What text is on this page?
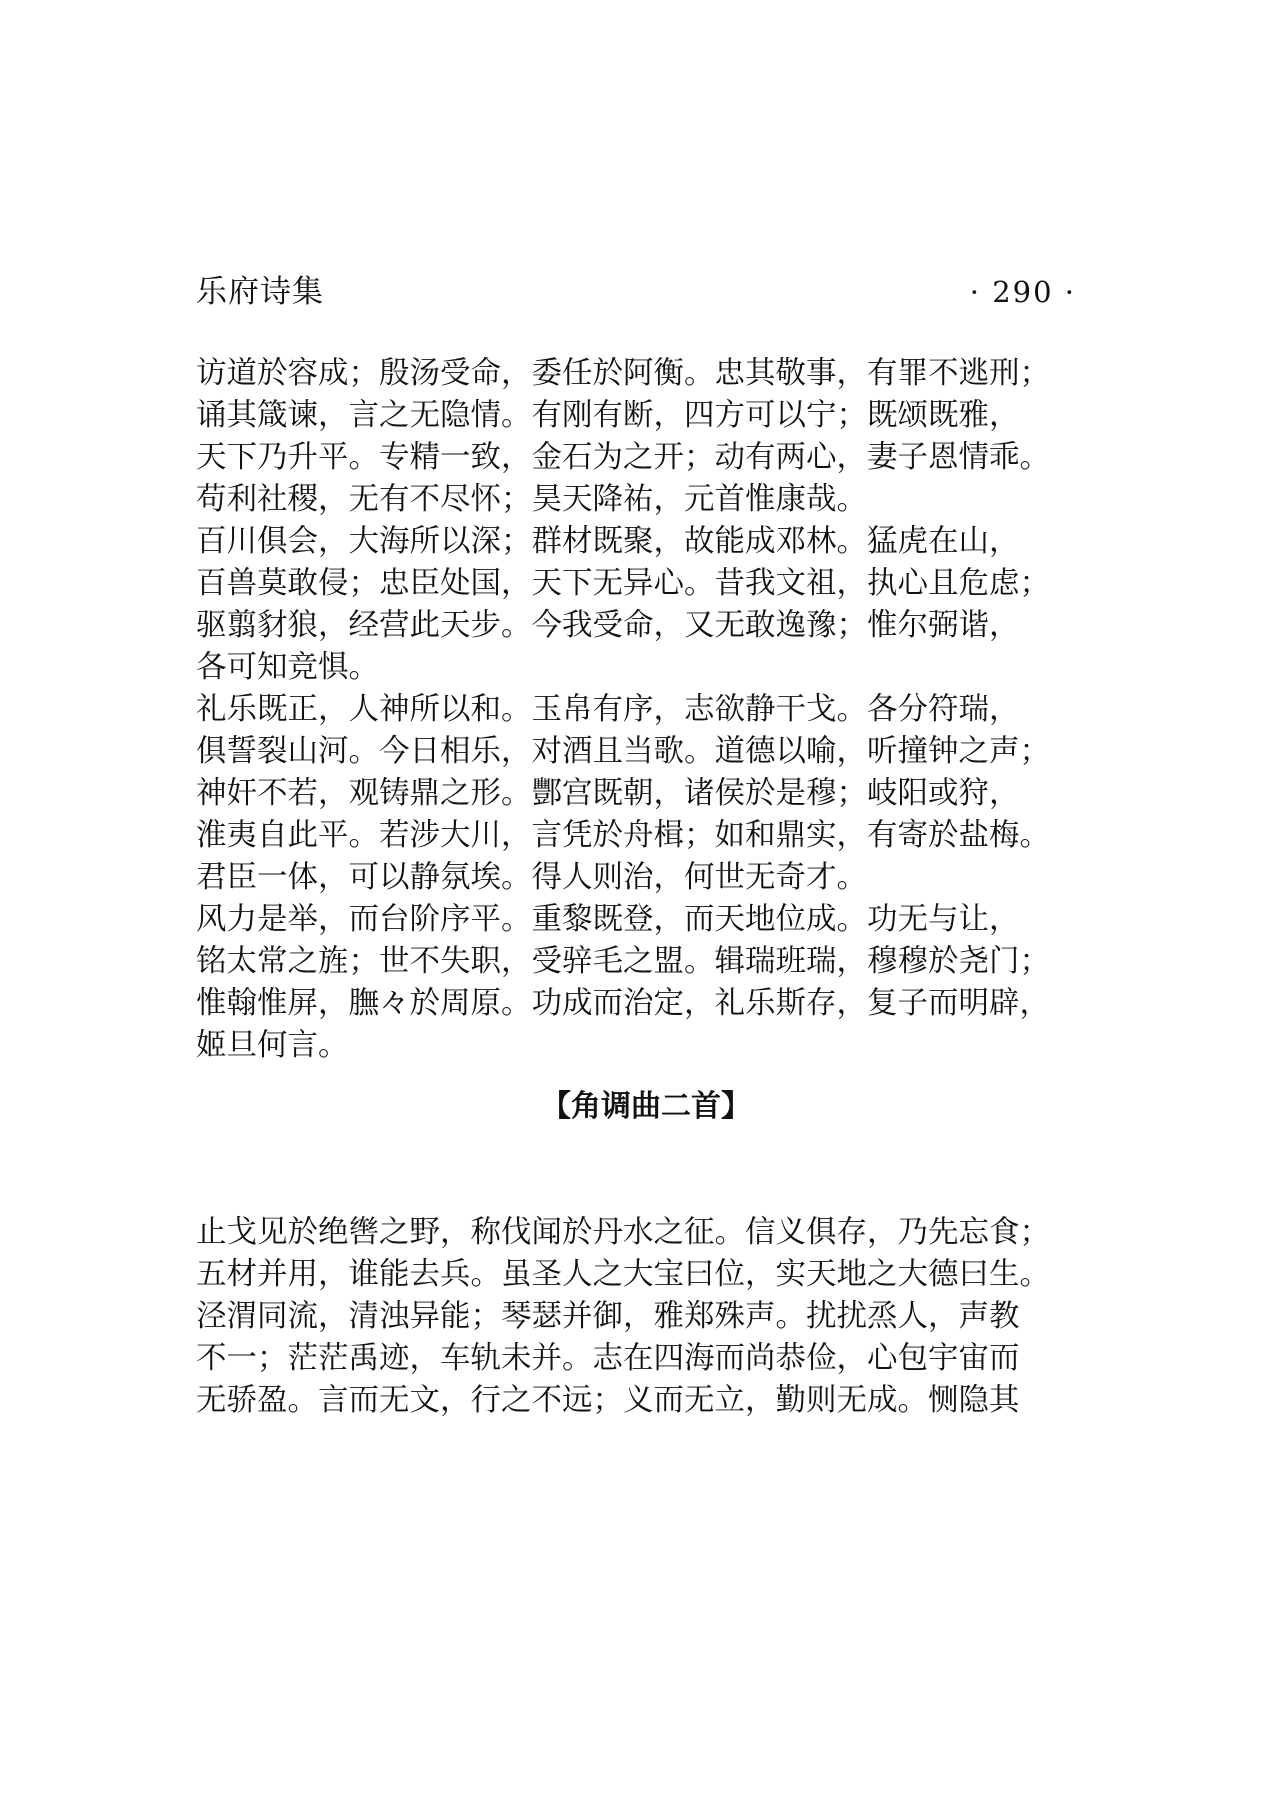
乐府诗集	· 290 ·
访道於容成；殷汤受命，委任於阿衡。忠其敬事，有罪不逃刑；
诵其箴谏，言之无隐情。有刚有断，四方可以宁；既颂既雅，
天下乃升平。专精一致，金石为之开；动有两心，妻子恩情乖。
苟利社稷，无有不尽怀；昊天降祐，元首惟康哉。
百川俱会，大海所以深；群材既聚，故能成邓林。猛虎在山，
百兽莫敢侵；忠臣处国，天下无异心。昔我文祖，执心且危虑；
驱翦豺狼，经营此天步。今我受命，又无敢逸豫；惟尔弼谐，
各可知竞惧。
礼乐既正，人神所以和。玉帛有序，志欲静干戈。各分符瑞，
俱誓裂山河。今日相乐，对酒且当歌。道德以喻，听撞钟之声；
神奸不若，观铸鼎之形。酆宫既朝，诸侯於是穆；岐阳或狩，
淮夷自此平。若涉大川，言凭於舟楫；如和鼎实，有寄於盐梅。
君臣一体，可以静氛埃。得人则治，何世无奇才。
风力是举，而台阶序平。重黎既登，而天地位成。功无与让，
铭太常之旌；世不失职，受骍毛之盟。辑瑞班瑞，穆穆於尧门；
惟翰惟屏，膴々於周原。功成而治定，礼乐斯存，复子而明辟，
姬旦何言。
【角调曲二首】
止戈见於绝辔之野，称伐闻於丹水之征。信义俱存，乃先忘食；
五材并用，谁能去兵。虽圣人之大宝曰位，实天地之大德曰生。
泾渭同流，清浊异能；琴瑟并御，雅郑殊声。扰扰烝人，声教
不一；茫茫禹迹，车轨未并。志在四海而尚恭俭，心包宇宙而
无骄盈。言而无文，行之不远；义而无立，勤则无成。恻隐其
